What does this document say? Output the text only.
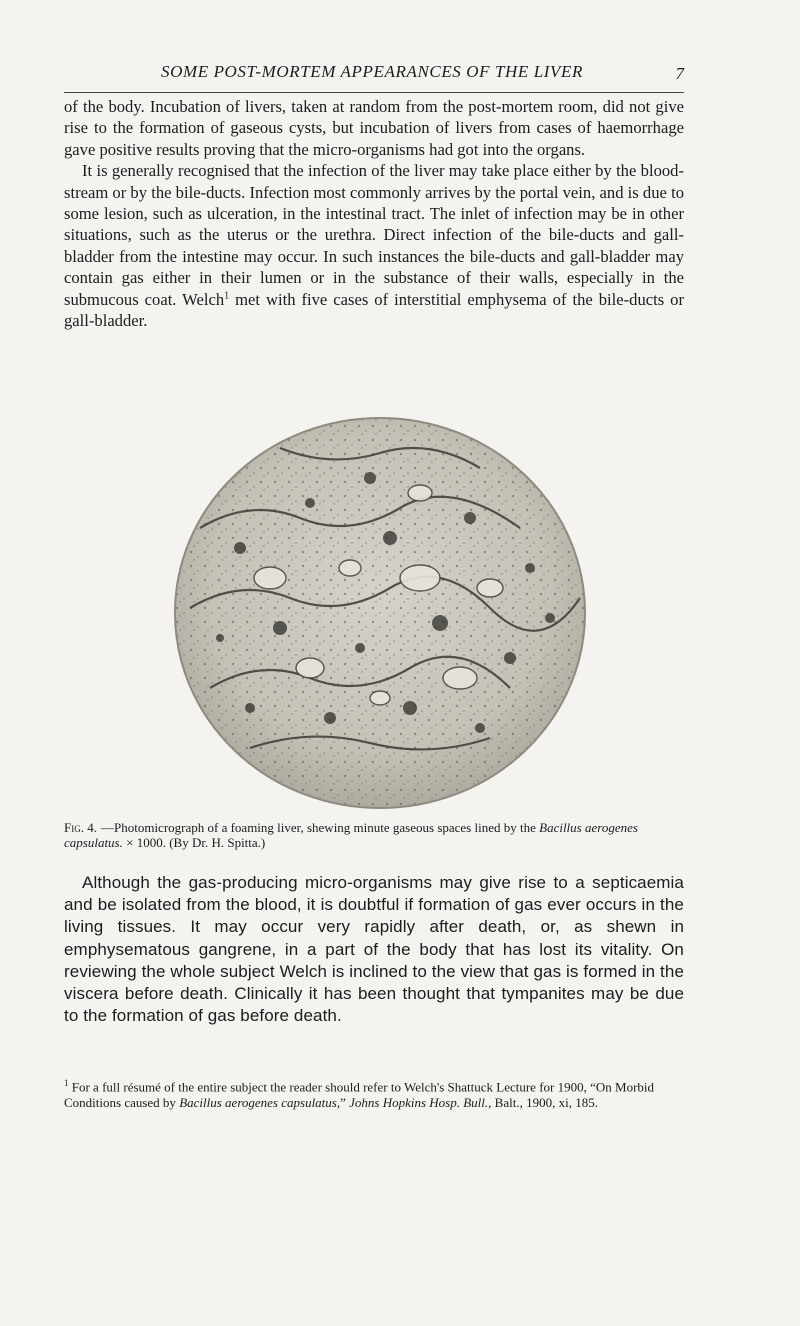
SOME POST-MORTEM APPEARANCES OF THE LIVER	7

of the body. Incubation of livers, taken at random from the post-mortem room, did not give rise to the formation of gaseous cysts, but incubation of livers from cases of haemorrhage gave positive results proving that the micro-organisms had got into the organs.

It is generally recognised that the infection of the liver may take place either by the blood-stream or by the bile-ducts. Infection most commonly arrives by the portal vein, and is due to some lesion, such as ulceration, in the intestinal tract. The inlet of infection may be in other situations, such as the uterus or the urethra. Direct infection of the bile-ducts and gall-bladder from the intestine may occur. In such instances the bile-ducts and gall-bladder may contain gas either in their lumen or in the substance of their walls, especially in the submucous coat. Welch$^1$ met with five cases of interstitial emphysema of the bile-ducts or gall-bladder.

Fig. 4. —Photomicrograph of a foaming liver, shewing minute gaseous spaces lined by the Bacillus aerogenes capsulatus. × 1000. (By Dr. H. Spitta.)

Although the gas-producing micro-organisms may give rise to a septicaemia and be isolated from the blood, it is doubtful if formation of gas ever occurs in the living tissues. It may occur very rapidly after death, or, as shewn in emphysematous gangrene, in a part of the body that has lost its vitality. On reviewing the whole subject Welch is inclined to the view that gas is formed in the viscera before death. Clinically it has been thought that tympanites may be due to the formation of gas before death.

$^1$ For a full résumé of the entire subject the reader should refer to Welch's Shattuck Lecture for 1900, “On Morbid Conditions caused by Bacillus aerogenes capsulatus,” Johns Hopkins Hosp. Bull., Balt., 1900, xi, 185.
